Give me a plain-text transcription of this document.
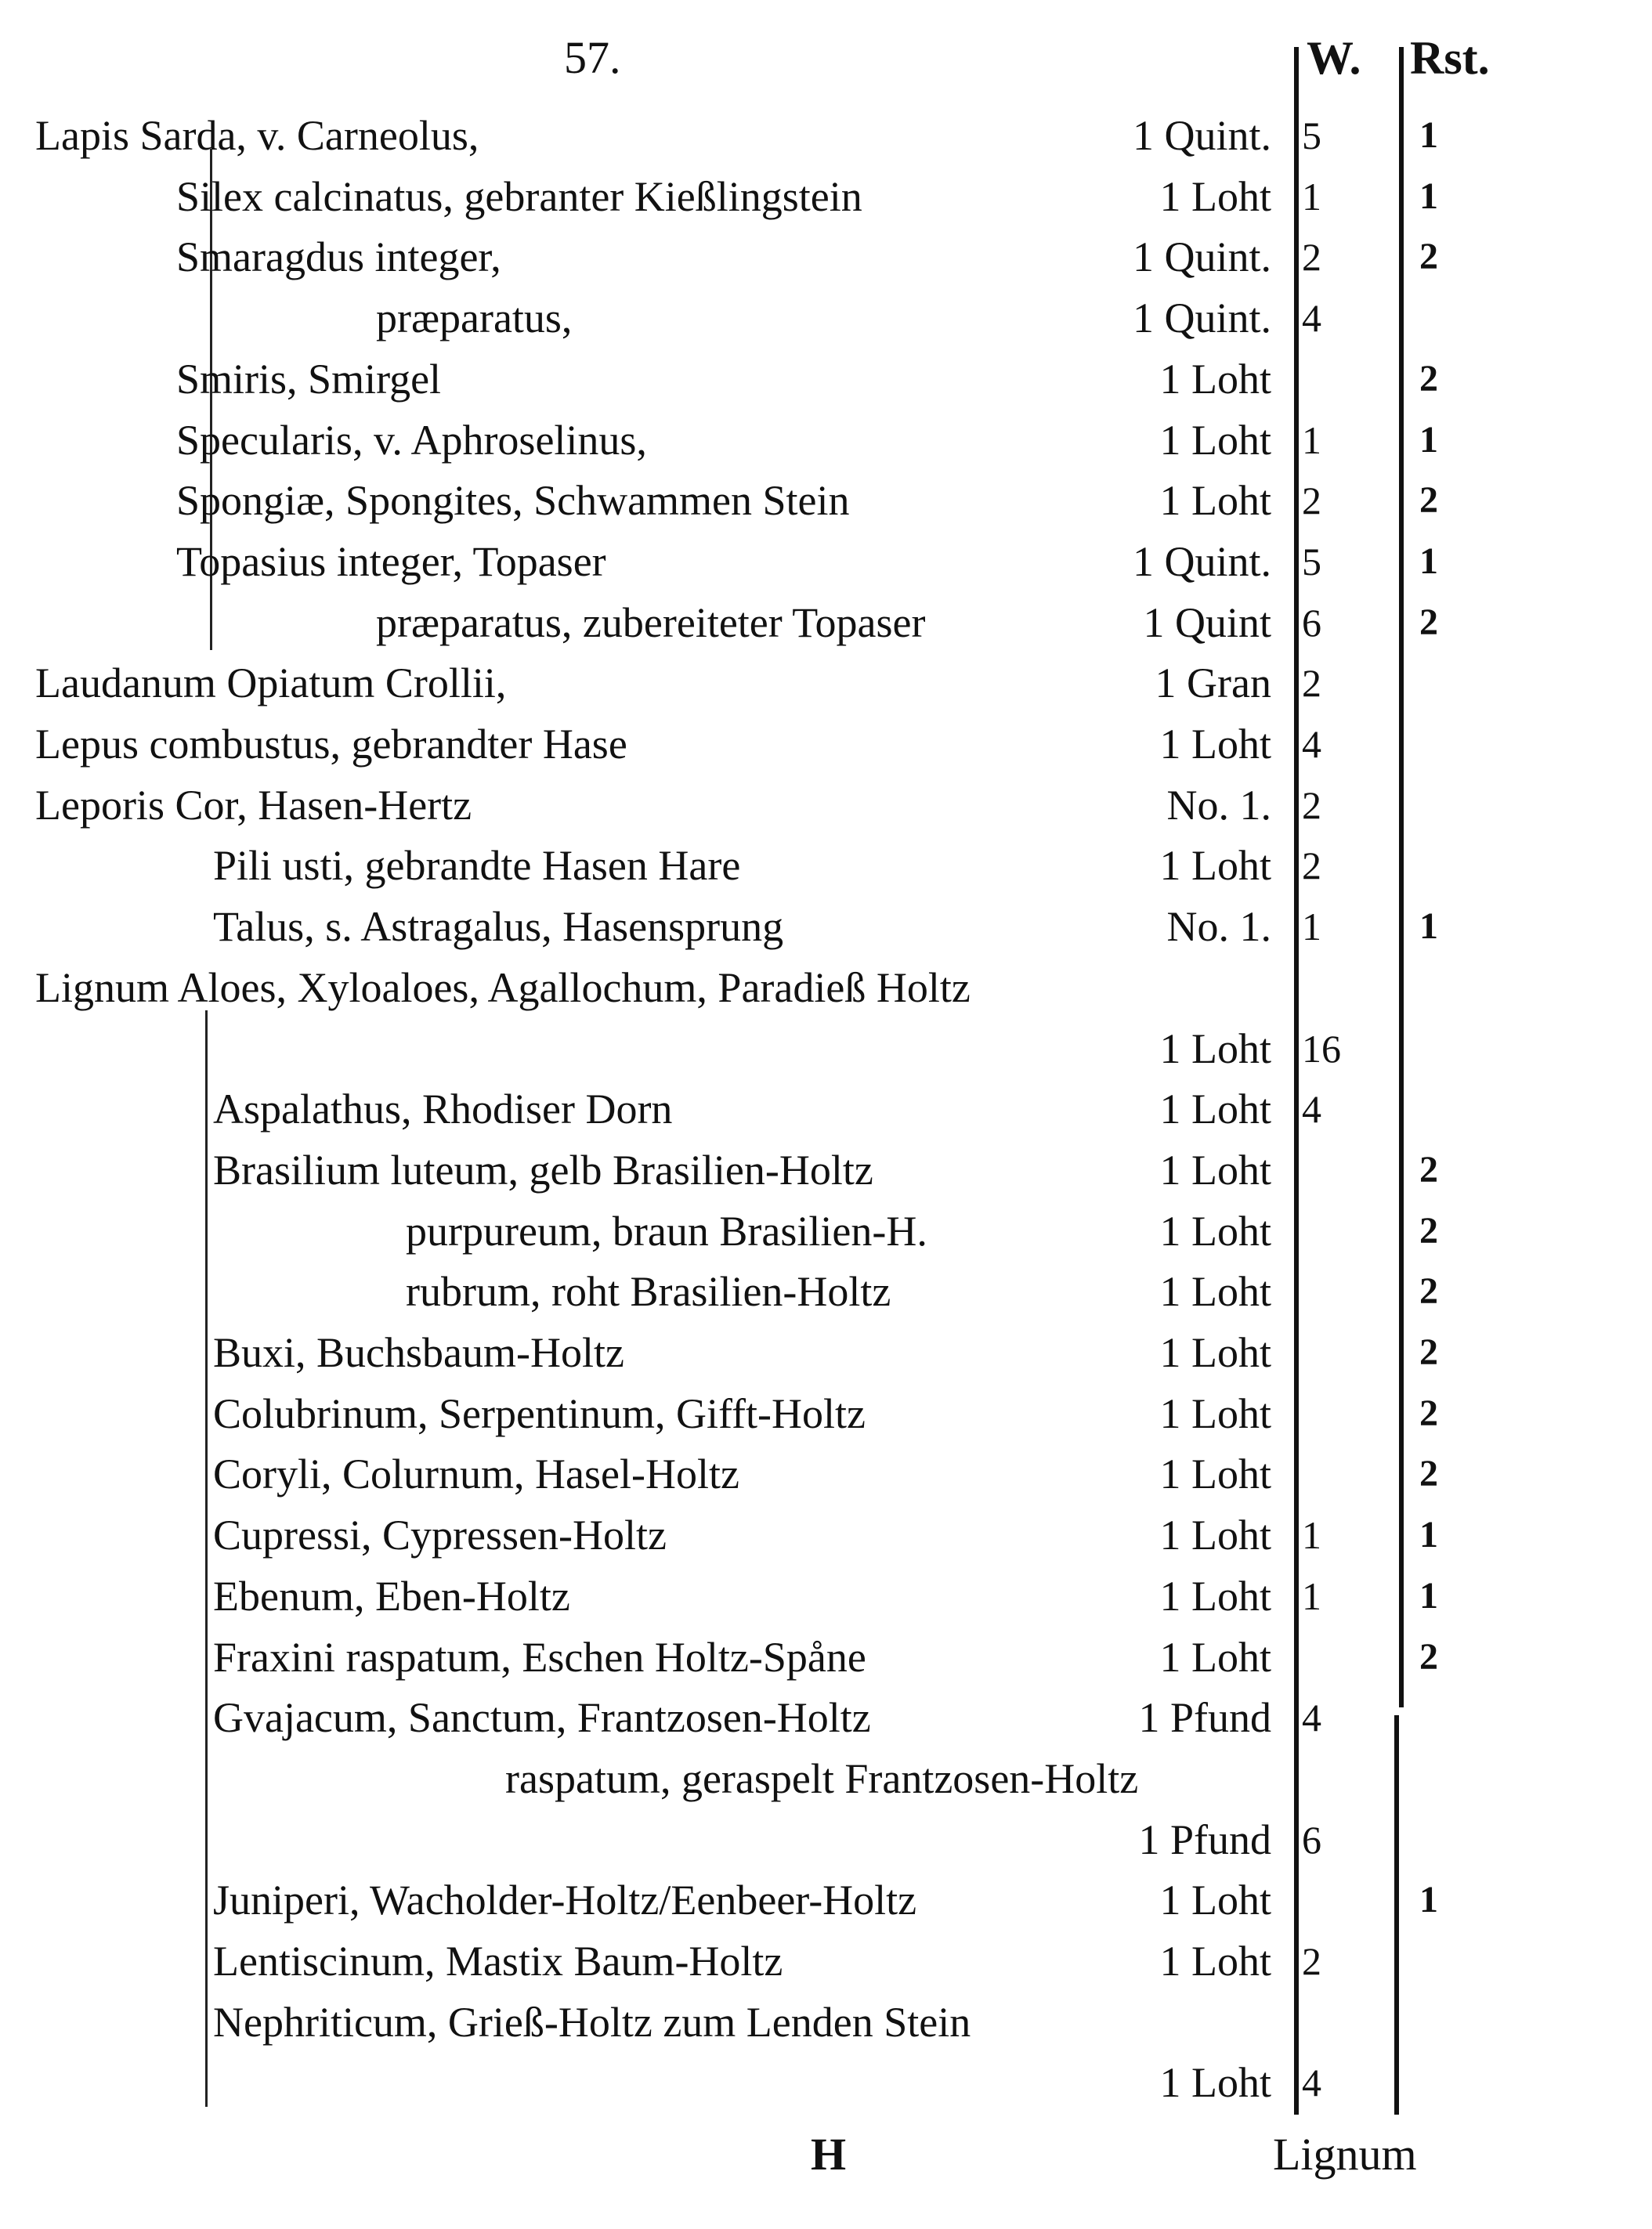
57.	W. Rst.
Lapis Sarda, v. Carneolus,	1 Quint. 5	1
Silex calcinatus, gebranter Kießlingstein	1 Loht 1	1
Smaragdus integer,	1 Quint. 2	2
præparatus,	1 Quint. 4
Smiris, Smirgel	1 Loht	2
Specularis, v. Aphroselinus,	1 Loht 1	1
Spongiæ, Spongites, Schwammen Stein	1 Loht 2	2
Topasius integer, Topaser	1 Quint. 5	1
præparatus, zubereiteter Topaser	1 Quint 6	2
Laudanum Opiatum Crollii,	1 Gran 2
Lepus combustus, gebrandter Hase	1 Loht 4
Leporis Cor, Hasen-Hertz	No. 1. 2
Pili usti, gebrandte Hasen Hare	1 Loht 2
Talus, s. Astragalus, Hasensprung	No. 1. 1	1
Lignum Aloes, Xyloaloes, Agallochum, Paradieß Holtz
1 Loht 16
Aspalathus, Rhodiser Dorn	1 Loht 4
Brasilium luteum, gelb Brasilien-Holtz	1 Loht	2
purpureum, braun Brasilien-H.	1 Loht	2
rubrum, roht Brasilien-Holtz	1 Loht	2
Buxi, Buchsbaum-Holtz	1 Loht	2
Colubrinum, Serpentinum, Gifft-Holtz	1 Loht	2
Coryli, Colurnum, Hasel-Holtz	1 Loht	2
Cupressi, Cypressen-Holtz	1 Loht 1	1
Ebenum, Eben-Holtz	1 Loht 1	1
Fraxini raspatum, Eschen Holtz-Spåne	1 Loht	2
Gvajacum, Sanctum, Frantzosen-Holtz	1 Pfund 4
raspatum, geraspelt Frantzosen-Holtz
1 Pfund 6
Juniperi, Wacholder-Holtz/Eenbeer-Holtz	1 Loht	1
Lentiscinum, Mastix Baum-Holtz	1 Loht 2
Nephriticum, Grieß-Holtz zum Lenden Stein
1 Loht 4
H	Lignum
